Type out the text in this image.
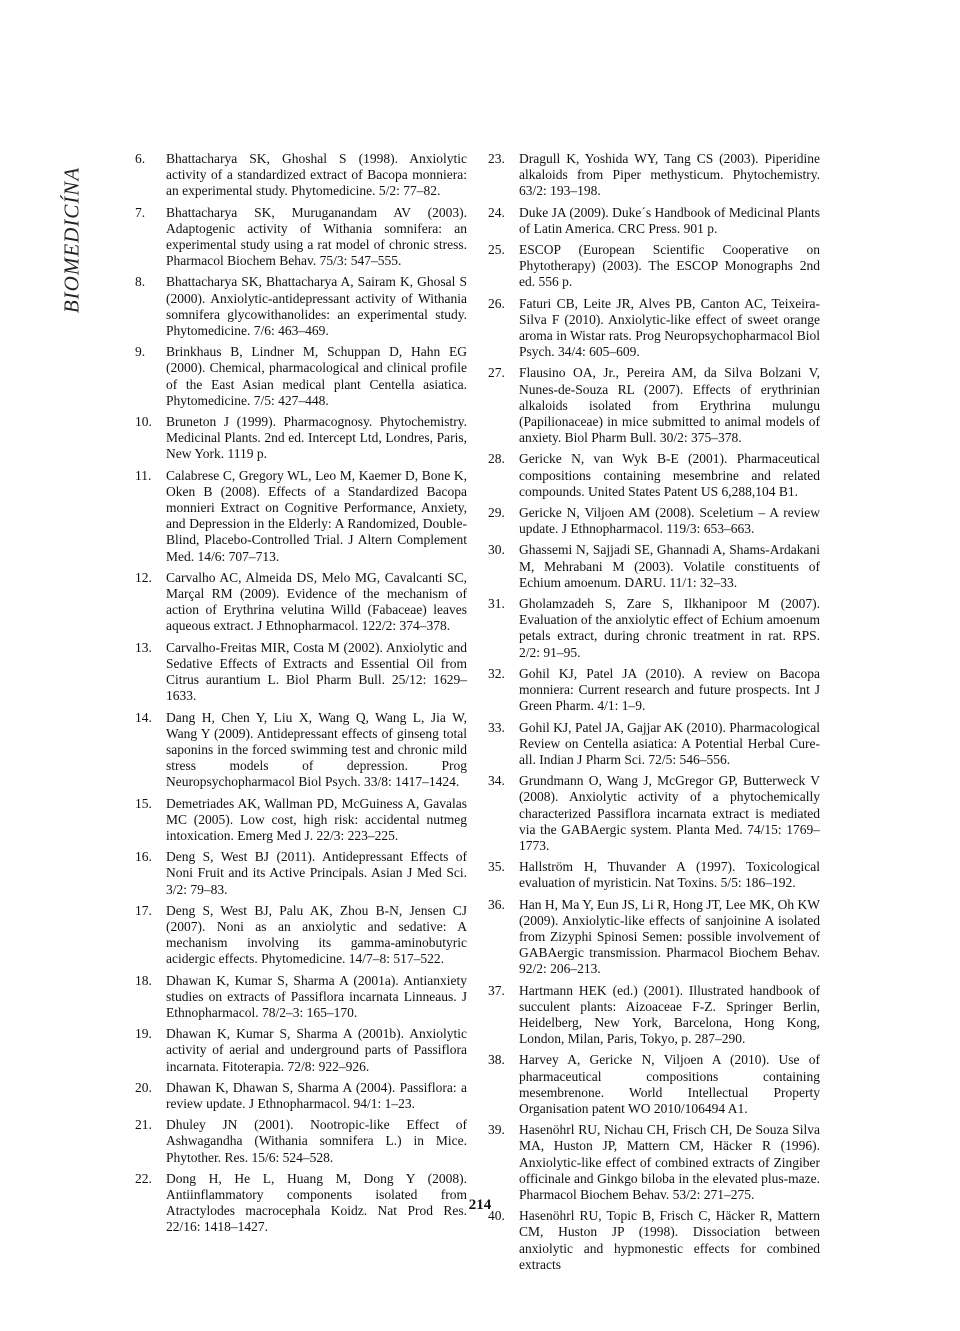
BIOMEDICÍNA
6. Bhattacharya SK, Ghoshal S (1998). Anxiolytic activity of a standardized extract of Bacopa monniera: an experimental study. Phytomedicine. 5/2: 77–82.
7. Bhattacharya SK, Muruganandam AV (2003). Adaptogenic activity of Withania somnifera: an experimental study using a rat model of chronic stress. Pharmacol Biochem Behav. 75/3: 547–555.
8. Bhattacharya SK, Bhattacharya A, Sairam K, Ghosal S (2000). Anxiolytic-antidepressant activity of Withania somnifera glycowithanolides: an experimental study. Phytomedicine. 7/6: 463–469.
9. Brinkhaus B, Lindner M, Schuppan D, Hahn EG (2000). Chemical, pharmacological and clinical profile of the East Asian medical plant Centella asiatica. Phytomedicine. 7/5: 427–448.
10. Bruneton J (1999). Pharmacognosy. Phytochemistry. Medicinal Plants. 2nd ed. Intercept Ltd, Londres, Paris, New York. 1119 p.
11. Calabrese C, Gregory WL, Leo M, Kaemer D, Bone K, Oken B (2008). Effects of a Standardized Bacopa monnieri Extract on Cognitive Performance, Anxiety, and Depression in the Elderly: A Randomized, Double-Blind, Placebo-Controlled Trial. J Altern Complement Med. 14/6: 707–713.
12. Carvalho AC, Almeida DS, Melo MG, Cavalcanti SC, Marçal RM (2009). Evidence of the mechanism of action of Erythrina velutina Willd (Fabaceae) leaves aqueous extract. J Ethnopharmacol. 122/2: 374–378.
13. Carvalho-Freitas MIR, Costa M (2002). Anxiolytic and Sedative Effects of Extracts and Essential Oil from Citrus aurantium L. Biol Pharm Bull. 25/12: 1629–1633.
14. Dang H, Chen Y, Liu X, Wang Q, Wang L, Jia W, Wang Y (2009). Antidepressant effects of ginseng total saponins in the forced swimming test and chronic mild stress models of depression. Prog Neuropsychopharmacol Biol Psych. 33/8: 1417–1424.
15. Demetriades AK, Wallman PD, McGuiness A, Gavalas MC (2005). Low cost, high risk: accidental nutmeg intoxication. Emerg Med J. 22/3: 223–225.
16. Deng S, West BJ (2011). Antidepressant Effects of Noni Fruit and its Active Principals. Asian J Med Sci. 3/2: 79–83.
17. Deng S, West BJ, Palu AK, Zhou B-N, Jensen CJ (2007). Noni as an anxiolytic and sedative: A mechanism involving its gamma-aminobutyric acidergic effects. Phytomedicine. 14/7–8: 517–522.
18. Dhawan K, Kumar S, Sharma A (2001a). Antianxiety studies on extracts of Passiflora incarnata Linneaus. J Ethnopharmacol. 78/2–3: 165–170.
19. Dhawan K, Kumar S, Sharma A (2001b). Anxiolytic activity of aerial and underground parts of Passiflora incarnata. Fitoterapia. 72/8: 922–926.
20. Dhawan K, Dhawan S, Sharma A (2004). Passiflora: a review update. J Ethnopharmacol. 94/1: 1–23.
21. Dhuley JN (2001). Nootropic-like Effect of Ashwagandha (Withania somnifera L.) in Mice. Phytother. Res. 15/6: 524–528.
22. Dong H, He L, Huang M, Dong Y (2008). Antiinflammatory components isolated from Atractylodes macrocephala Koidz. Nat Prod Res. 22/16: 1418–1427.
23. Dragull K, Yoshida WY, Tang CS (2003). Piperidine alkaloids from Piper methysticum. Phytochemistry. 63/2: 193–198.
24. Duke JA (2009). Duke´s Handbook of Medicinal Plants of Latin America. CRC Press. 901 p.
25. ESCOP (European Scientific Cooperative on Phytotherapy) (2003). The ESCOP Monographs 2nd ed. 556 p.
26. Faturi CB, Leite JR, Alves PB, Canton AC, Teixeira-Silva F (2010). Anxiolytic-like effect of sweet orange aroma in Wistar rats. Prog Neuropsychopharmacol Biol Psych. 34/4: 605–609.
27. Flausino OA, Jr., Pereira AM, da Silva Bolzani V, Nunes-de-Souza RL (2007). Effects of erythrinian alkaloids isolated from Erythrina mulungu (Papilionaceae) in mice submitted to animal models of anxiety. Biol Pharm Bull. 30/2: 375–378.
28. Gericke N, van Wyk B-E (2001). Pharmaceutical compositions containing mesembrine and related compounds. United States Patent US 6,288,104 B1.
29. Gericke N, Viljoen AM (2008). Sceletium – A review update. J Ethnopharmacol. 119/3: 653–663.
30. Ghassemi N, Sajjadi SE, Ghannadi A, Shams-Ardakani M, Mehrabani M (2003). Volatile constituents of Echium amoenum. DARU. 11/1: 32–33.
31. Gholamzadeh S, Zare S, Ilkhanipoor M (2007). Evaluation of the anxiolytic effect of Echium amoenum petals extract, during chronic treatment in rat. RPS. 2/2: 91–95.
32. Gohil KJ, Patel JA (2010). A review on Bacopa monniera: Current research and future prospects. Int J Green Pharm. 4/1: 1–9.
33. Gohil KJ, Patel JA, Gajjar AK (2010). Pharmacological Review on Centella asiatica: A Potential Herbal Cure-all. Indian J Pharm Sci. 72/5: 546–556.
34. Grundmann O, Wang J, McGregor GP, Butterweck V (2008). Anxiolytic activity of a phytochemically characterized Passiflora incarnata extract is mediated via the GABAergic system. Planta Med. 74/15: 1769–1773.
35. Hallström H, Thuvander A (1997). Toxicological evaluation of myristicin. Nat Toxins. 5/5: 186–192.
36. Han H, Ma Y, Eun JS, Li R, Hong JT, Lee MK, Oh KW (2009). Anxiolytic-like effects of sanjoinine A isolated from Zizyphi Spinosi Semen: possible involvement of GABAergic transmission. Pharmacol Biochem Behav. 92/2: 206–213.
37. Hartmann HEK (ed.) (2001). Illustrated handbook of succulent plants: Aizoaceae F-Z. Springer Berlin, Heidelberg, New York, Barcelona, Hong Kong, London, Milan, Paris, Tokyo, p. 287–290.
38. Harvey A, Gericke N, Viljoen A (2010). Use of pharmaceutical compositions containing mesembrenone. World Intellectual Property Organisation patent WO 2010/106494 A1.
39. Hasenöhrl RU, Nichau CH, Frisch CH, De Souza Silva MA, Huston JP, Mattern CM, Häcker R (1996). Anxiolytic-like effect of combined extracts of Zingiber officinale and Ginkgo biloba in the elevated plus-maze. Pharmacol Biochem Behav. 53/2: 271–275.
40. Hasenöhrl RU, Topic B, Frisch C, Häcker R, Mattern CM, Huston JP (1998). Dissociation between anxiolytic and hypmonestic effects for combined extracts
214
